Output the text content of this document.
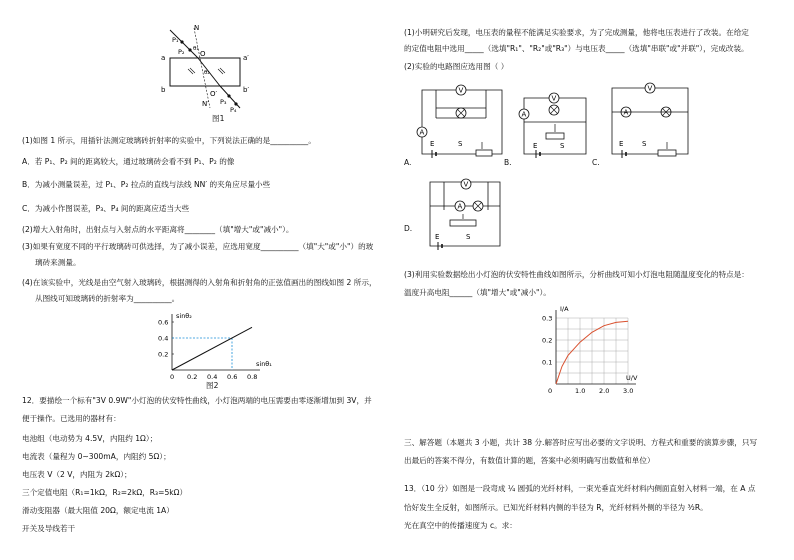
N
P₁
P₂ O
θ₁
a	a′
θ₂
b	O′	b′
N′ P₃
P₄
图1
(1)如图 1 所示，用插针法测定玻璃砖折射率的实验中，下列说法正确的是__________。
A．若 P₁、P₂ 间的距离较大，通过玻璃砖会看不到 P₁、P₂ 的像
B．为减小测量误差，过 P₁、P₂ 拉点的直线与法线 NN′ 的夹角应尽量小些
C．为减小作图误差，P₃、P₄ 间的距离应适当大些
(2)增大入射角时，出射点与入射点的水平距离将________（填"增大"或"减小"）。
(3)如果有宽度不同的平行玻璃砖可供选择，为了减小误差，应选用宽度__________（填"大"或"小"）的玻
璃砖来测量。
(4)在该实验中，光线是由空气射入玻璃砖，根据测得的入射角和折射角的正弦值画出的图线如图 2 所示，
从图线可知玻璃砖的折射率为__________。
sinθ₂
sinθ₁
0.6
0.4
0.2
0 0.2 0.4 0.6 0.8
图2
12．要描绘一个标有"3V 0.9W"小灯泡的伏安特性曲线，小灯泡两端的电压需要由零逐渐增加到 3V，并
便于操作。已选用的器材有：
电池组（电动势为 4.5V，内阻约 1Ω）；
电流表（量程为 0~300mA，内阻约 5Ω）；
电压表 V（2 V，内阻为 2kΩ）；
三个定值电阻（R₁=1kΩ，R₂=2kΩ，R₃=5kΩ）
滑动变阻器（最大阻值 20Ω，额定电流 1A）
开关及导线若干
(1)小明研究后发现，电压表的量程不能满足实验要求，为了完成测量，他将电压表进行了改装。在给定
的定值电阻中选用_____（选填"R₁"、"R₂"或"R₃"）与电压表_____（选填"串联"或"并联"），完成改装。
(2)实验的电路图应选用图（ ）
V
A
E	S
A.
V
A
E	S
B.
V
A
E	S
C.
V
A
E	S
D.
(3)利用实验数据绘出小灯泡的伏安特性曲线如图所示，分析曲线可知小灯泡电阻随温度变化的特点是：
温度升高电阻______（填"增大"或"减小"）。
I/A
U/V
0.3
0.2
0.1
0	1.0 2.0 3.0
三、解答题（本题共 3 小题，共计 38 分.解答时应写出必要的文字说明、方程式和重要的演算步骤，只写
出最后的答案不得分，有数值计算的题，答案中必须明确写出数值和单位）
13．（10 分）如图是一段弯成 ¼ 圆弧的光纤材料，一束光垂直光纤材料内侧面直射入材料一端，在 A 点
恰好发生全反射，如图所示。已知光纤材料内侧的半径为 R，光纤材料外侧的半径为 ³⁄₂R。
光在真空中的传播速度为 c。求：
